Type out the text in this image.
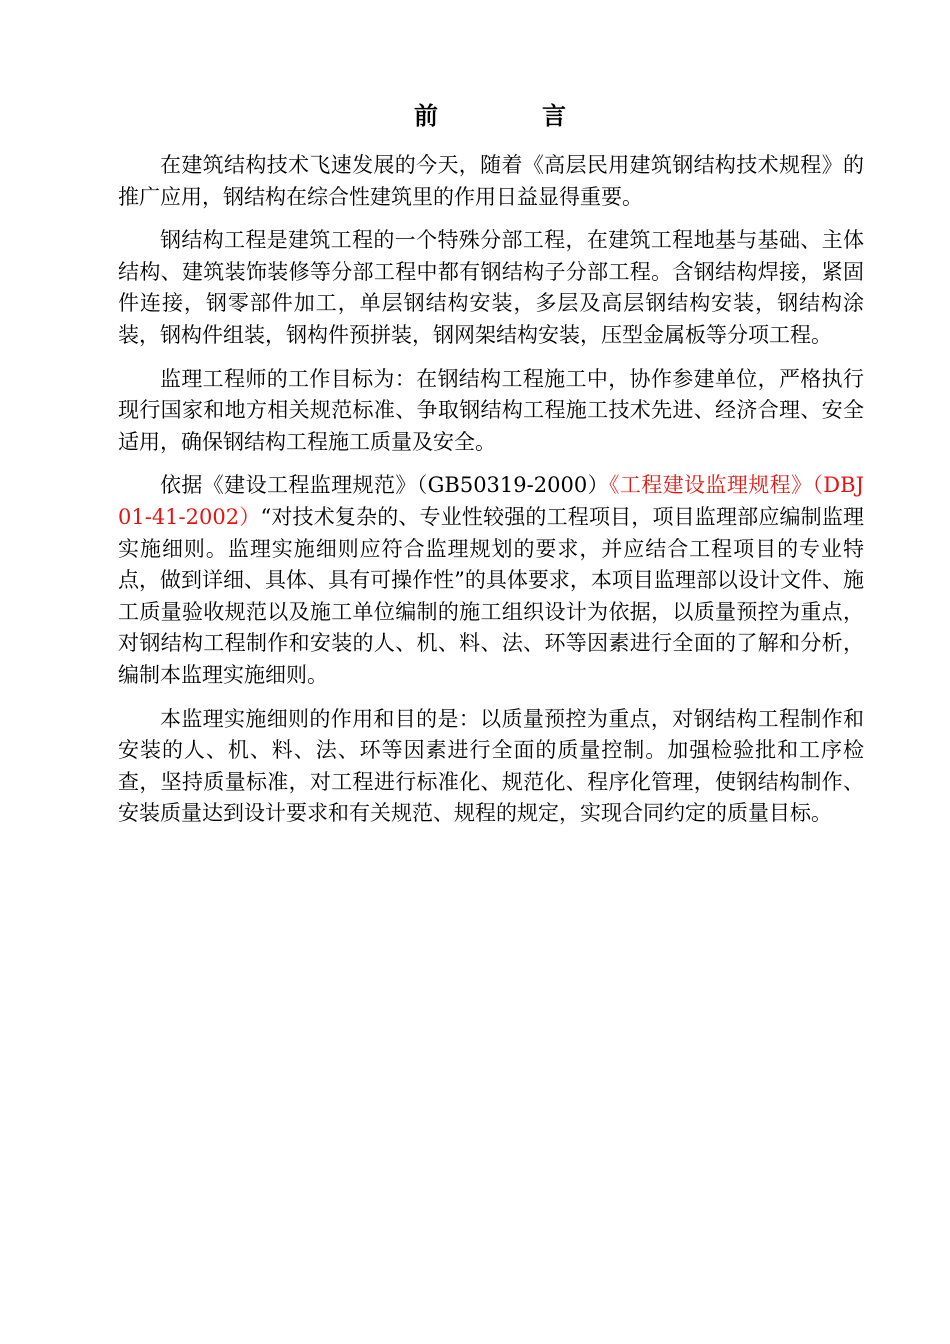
前　言

在建筑结构技术飞速发展的今天，随着《高层民用建筑钢结构技术规程》的推广应用，钢结构在综合性建筑里的作用日益显得重要。

钢结构工程是建筑工程的一个特殊分部工程，在建筑工程地基与基础、主体结构、建筑装饰装修等分部工程中都有钢结构子分部工程。含钢结构焊接，紧固件连接，钢零部件加工，单层钢结构安装，多层及高层钢结构安装，钢结构涂装，钢构件组装，钢构件预拼装，钢网架结构安装，压型金属板等分项工程。

监理工程师的工作目标为：在钢结构工程施工中，协作参建单位，严格执行现行国家和地方相关规范标准、争取钢结构工程施工技术先进、经济合理、安全适用，确保钢结构工程施工质量及安全。

依据《建设工程监理规范》（GB50319-2000）《工程建设监理规程》（DBJ01-41-2002）“对技术复杂的、专业性较强的工程项目，项目监理部应编制监理实施细则。监理实施细则应符合监理规划的要求，并应结合工程项目的专业特点，做到详细、具体、具有可操作性”的具体要求，本项目监理部以设计文件、施工质量验收规范以及施工单位编制的施工组织设计为依据，以质量预控为重点，对钢结构工程制作和安装的人、机、料、法、环等因素进行全面的了解和分析，编制本监理实施细则。

本监理实施细则的作用和目的是：以质量预控为重点，对钢结构工程制作和安装的人、机、料、法、环等因素进行全面的质量控制。加强检验批和工序检查，坚持质量标准，对工程进行标准化、规范化、程序化管理，使钢结构制作、安装质量达到设计要求和有关规范、规程的规定，实现合同约定的质量目标。
